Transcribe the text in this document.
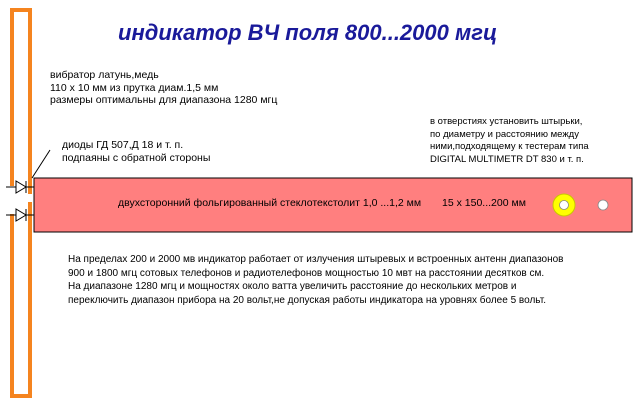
индикатор ВЧ поля 800...2000 мгц
вибратор латунь,медь
110 x 10 мм из прутка диам.1,5 мм
размеры оптимальны для диапазона 1280 мгц
диоды ГД 507,Д 18 и т. п.
подпаяны с обратной стороны
в отверстиях установить штырьки,
по диаметру и расстоянию между
ними,подходящему к тестерам типа
DIGITAL MULTIMETR DT 830 и т. п.
двухсторонний фольгированный стеклотекстолит 1,0 ...1,2 мм 15 x 150...200 мм
На пределах 200 и 2000 мв индикатор работает от излучения штыревых и встроенных антенн диапазонов
900 и 1800 мгц сотовых телефонов и радиотелефонов мощностью 10 мвт на расстоянии десятков см.
На диапазоне 1280 мгц и мощностях около ватта увеличить расстояние до нескольких метров и
переключить диапазон прибора на 20 вольт,не допуская работы индикатора на уровнях более 5 вольт.
